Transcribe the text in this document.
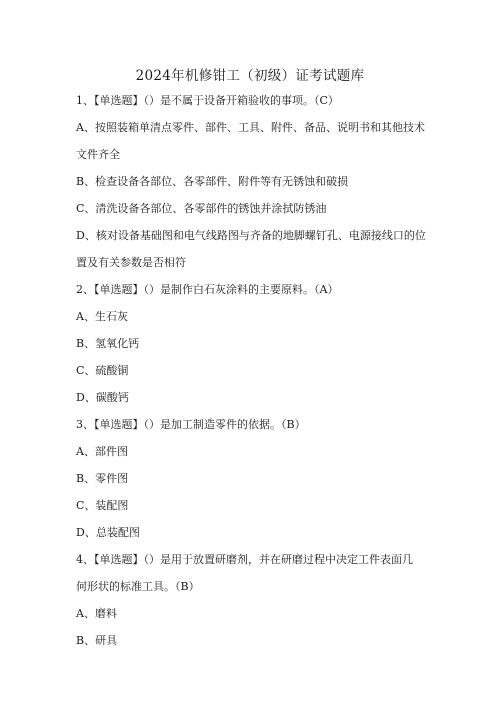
2024年机修钳工（初级）证考试题库
1、【单选题】（）是不属于设备开箱验收的事项。（C）
A、按照装箱单清点零件、部件、工具、附件、备品、说明书和其他技术
文件齐全
B、检查设备各部位、各零部件、附件等有无锈蚀和破损
C、清洗设备各部位、各零部件的锈蚀并涂拭防锈油
D、核对设备基础图和电气线路图与齐备的地脚螺钉孔、电源接线口的位
置及有关参数是否相符
2、【单选题】（）是制作白石灰涂料的主要原料。（A）
A、生石灰
B、氢氧化钙
C、硫酸铜
D、碳酸钙
3、【单选题】（）是加工制造零件的依据。（B）
A、部件图
B、零件图
C、装配图
D、总装配图
4、【单选题】（）是用于放置研磨剂，并在研磨过程中决定工件表面几
何形状的标准工具。（B）
A、磨料
B、研具
